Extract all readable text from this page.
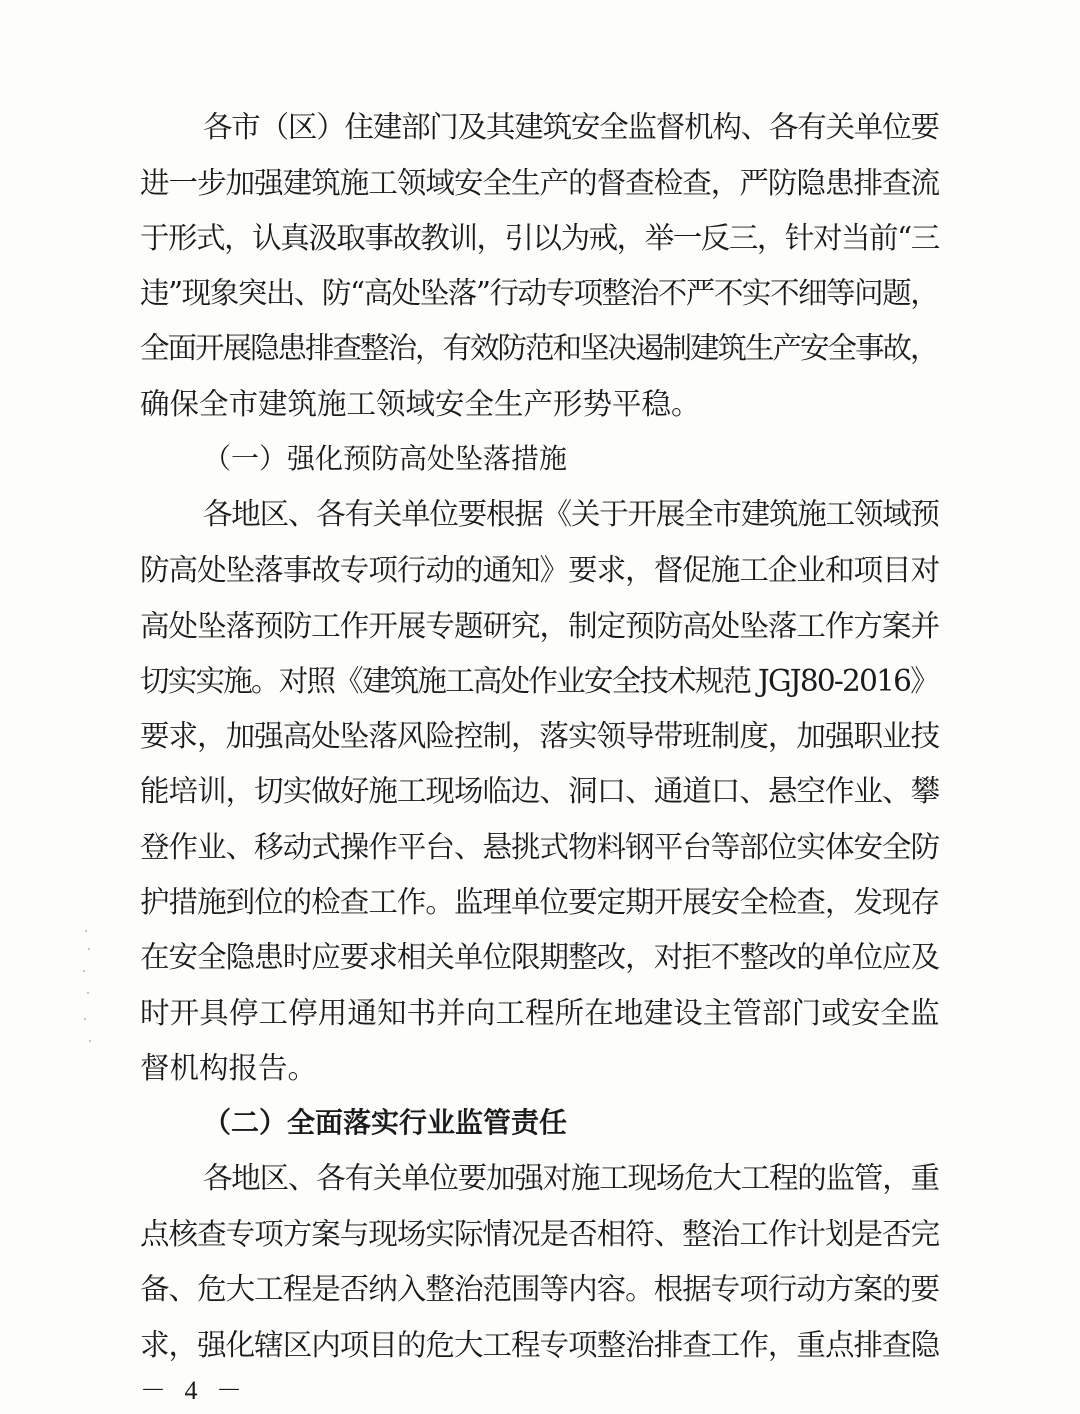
各市（区）住建部门及其建筑安全监督机构、各有关单位要
进一步加强建筑施工领域安全生产的督查检查，严防隐患排查流
于形式，认真汲取事故教训，引以为戒，举一反三，针对当前“三
违”现象突出、防“高处坠落”行动专项整治不严不实不细等问题，
全面开展隐患排查整治，有效防范和坚决遏制建筑生产安全事故，
确保全市建筑施工领域安全生产形势平稳。
（一）强化预防高处坠落措施
各地区、各有关单位要根据《关于开展全市建筑施工领域预
防高处坠落事故专项行动的通知》要求，督促施工企业和项目对
高处坠落预防工作开展专题研究，制定预防高处坠落工作方案并
切实实施。对照《建筑施工高处作业安全技术规范 JGJ80-2016》
要求，加强高处坠落风险控制，落实领导带班制度，加强职业技
能培训，切实做好施工现场临边、洞口、通道口、悬空作业、攀
登作业、移动式操作平台、悬挑式物料钢平台等部位实体安全防
护措施到位的检查工作。监理单位要定期开展安全检查，发现存
在安全隐患时应要求相关单位限期整改，对拒不整改的单位应及
时开具停工停用通知书并向工程所在地建设主管部门或安全监
督机构报告。
（二）全面落实行业监管责任
各地区、各有关单位要加强对施工现场危大工程的监管，重
点核查专项方案与现场实际情况是否相符、整治工作计划是否完
备、危大工程是否纳入整治范围等内容。根据专项行动方案的要
求，强化辖区内项目的危大工程专项整治排查工作，重点排查隐
－ 4 －
